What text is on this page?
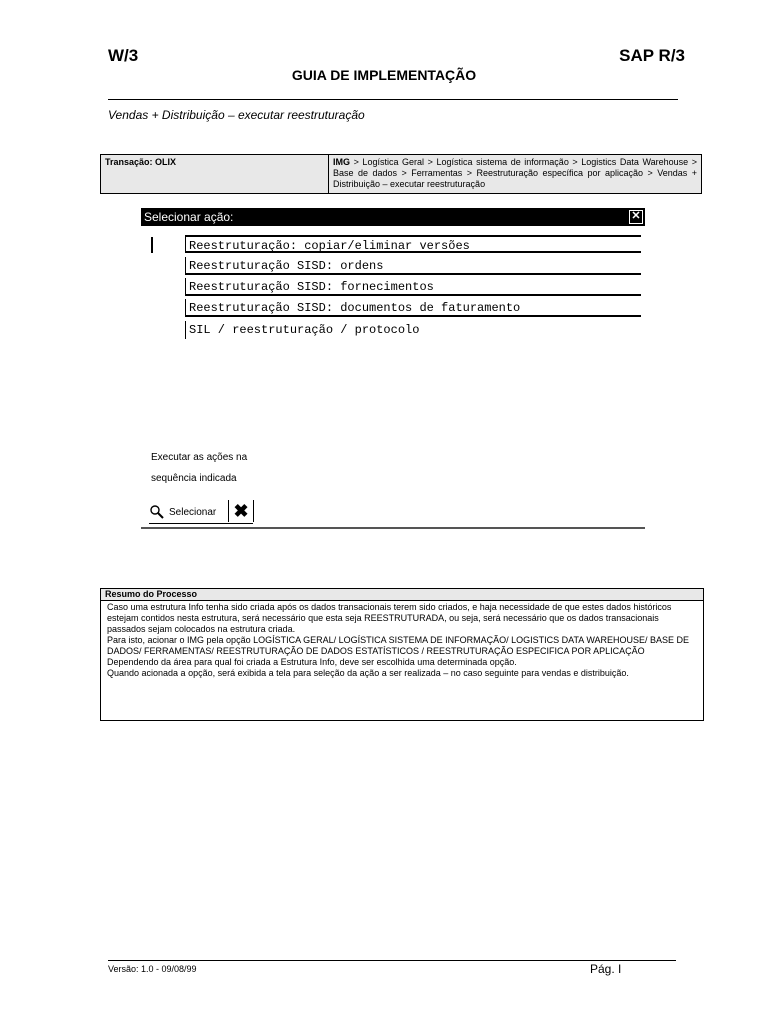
W/3	SAP R/3
GUIA DE IMPLEMENTAÇÃO
Vendas + Distribuição – executar reestruturação
Transação: OLIX	IMG > Logística Geral > Logística sistema de informação > Logistics Data Warehouse > Base de dados > Ferramentas > Reestruturação específica por aplicação > Vendas + Distribuição – executar reestruturação
Selecionar ação:	✕
Reestruturação: copiar/eliminar versões
Reestruturação SISD: ordens
Reestruturação SISD: fornecimentos
Reestruturação SISD: documentos de faturamento
SIL / reestruturação / protocolo
Executar as ações na
sequência indicada
Selecionar ✖
Resumo do Processo

Caso uma estrutura Info tenha sido criada após os dados transacionais terem sido criados, e haja necessidade de que estes dados históricos estejam contidos nesta estrutura, será necessário que esta seja REESTRUTURADA, ou seja, será necessário que os dados transacionais passados sejam colocados na estrutura criada.

Para isto, acionar o IMG pela opção LOGÍSTICA GERAL/ LOGÍSTICA SISTEMA DE INFORMAÇÃO/ LOGISTICS DATA WAREHOUSE/ BASE DE DADOS/ FERRAMENTAS/ REESTRUTURAÇÃO DE DADOS ESTATÍSTICOS / REESTRUTURAÇÃO ESPECIFICA POR APLICAÇÃO

Dependendo da área para qual foi criada a Estrutura Info, deve ser escolhida uma determinada opção.

Quando acionada a opção, será exibida a tela para seleção da ação a ser realizada – no caso seguinte para vendas e distribuição.

Versão: 1.0 - 09/08/99	Pág. I
